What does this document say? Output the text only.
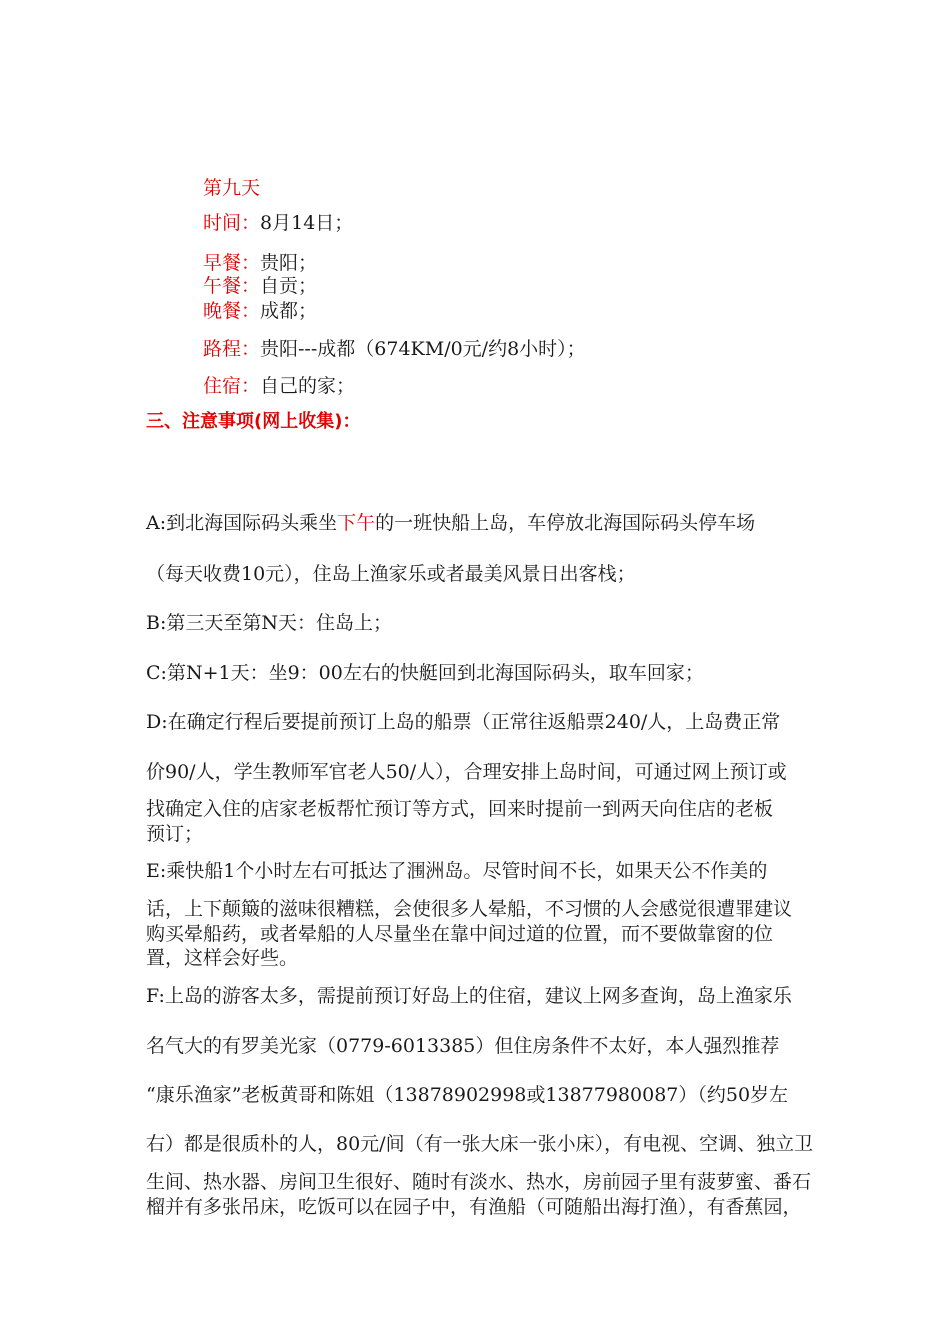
第九天
时间：8月14日；
早餐：贵阳；
午餐：自贡；
晚餐：成都；
路程：贵阳---成都（674KM/0元/约8小时）；
住宿：自己的家；
三、注意事项(网上收集)：
A:到北海国际码头乘坐下午的一班快船上岛，车停放北海国际码头停车场
（每天收费10元），住岛上渔家乐或者最美风景日出客栈；
B:第三天至第N天：住岛上；
C:第N+1天：坐9：00左右的快艇回到北海国际码头，取车回家；
D:在确定行程后要提前预订上岛的船票（正常往返船票240/人，上岛费正常
价90/人，学生教师军官老人50/人），合理安排上岛时间，可通过网上预订或
找确定入住的店家老板帮忙预订等方式，回来时提前一到两天向住店的老板
预订；
E:乘快船1个小时左右可抵达了涠洲岛。尽管时间不长，如果天公不作美的
话，上下颠簸的滋味很糟糕，会使很多人晕船，不习惯的人会感觉很遭罪建议
购买晕船药，或者晕船的人尽量坐在靠中间过道的位置，而不要做靠窗的位
置，这样会好些。
F:上岛的游客太多，需提前预订好岛上的住宿，建议上网多查询，岛上渔家乐
名气大的有罗美光家（0779-6013385）但住房条件不太好，本人强烈推荐
“康乐渔家”老板黄哥和陈姐（13878902998或13877980087）（约50岁左
右）都是很质朴的人，80元/间（有一张大床一张小床），有电视、空调、独立卫
生间、热水器、房间卫生很好、随时有淡水、热水，房前园子里有菠萝蜜、番石
榴并有多张吊床，吃饭可以在园子中，有渔船（可随船出海打渔），有香蕉园，
